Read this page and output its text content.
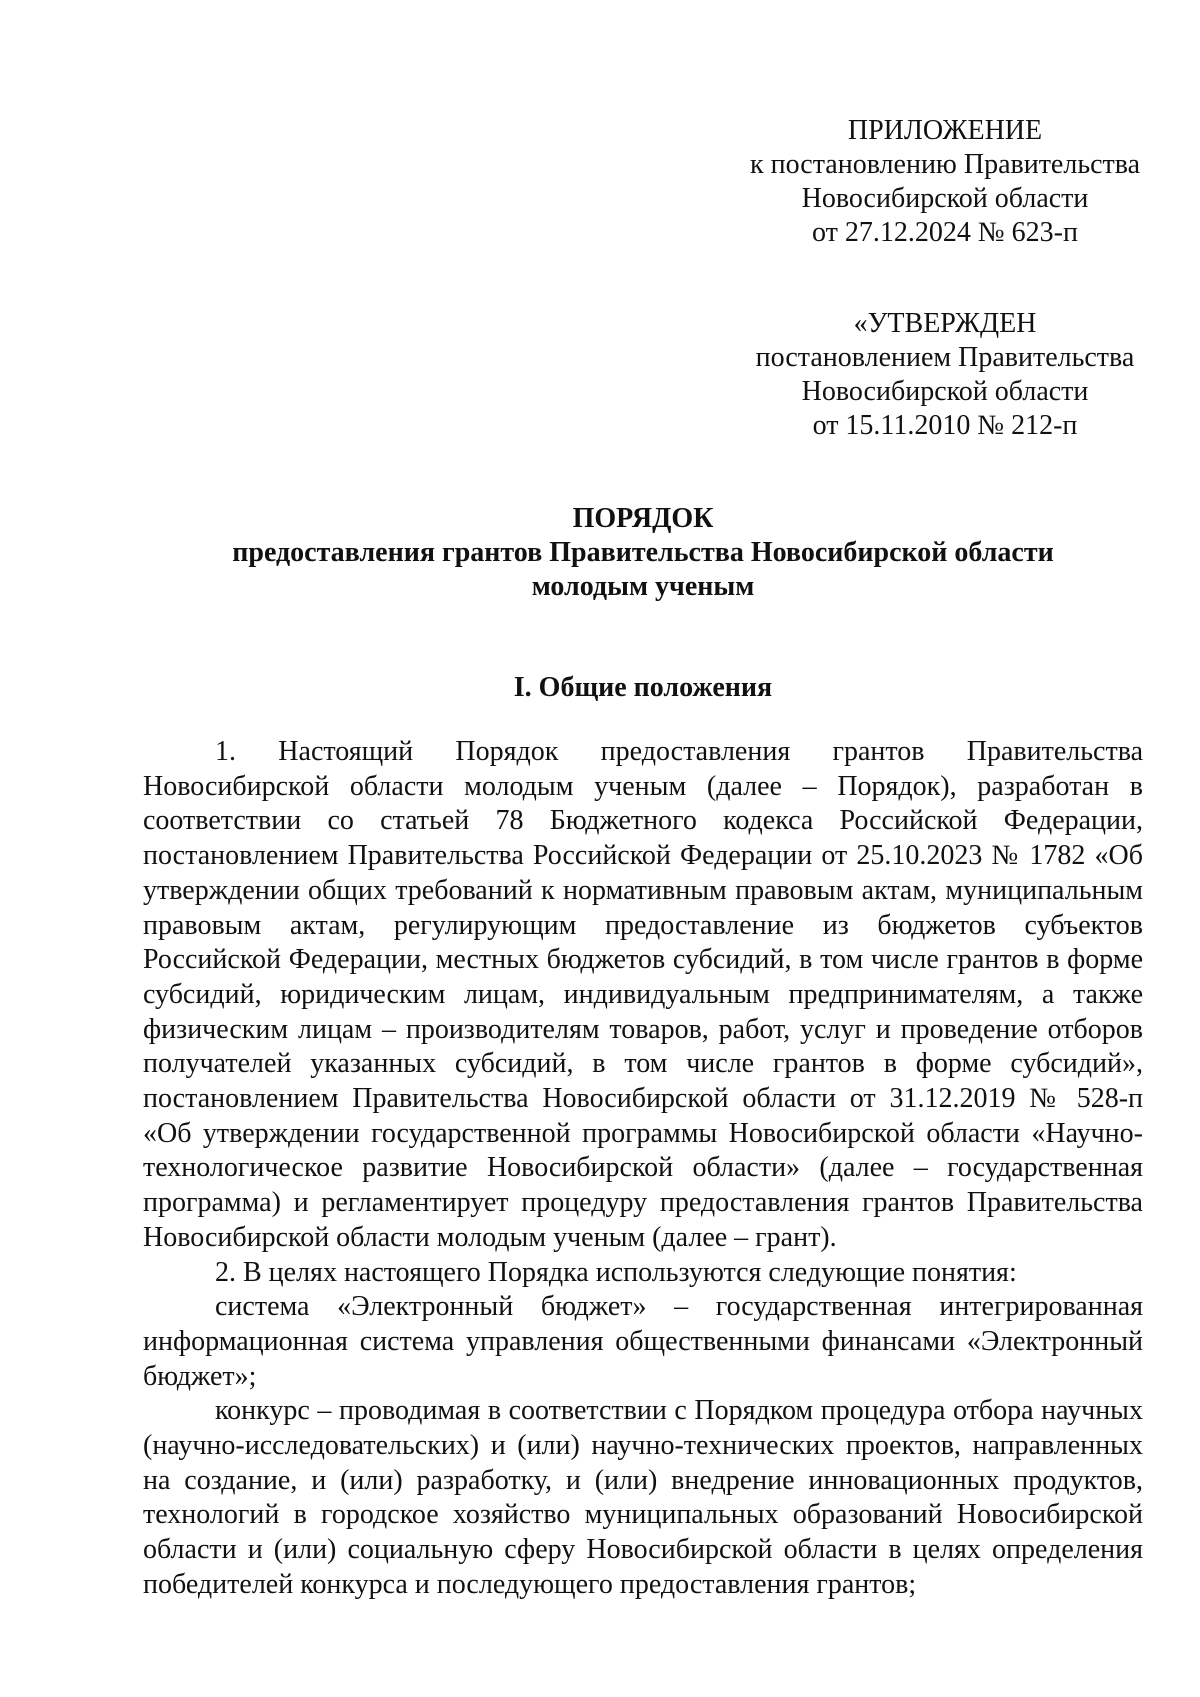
ПРИЛОЖЕНИЕ
к постановлению Правительства
Новосибирской области
от 27.12.2024 № 623-п
«УТВЕРЖДЕН
постановлением Правительства
Новосибирской области
от 15.11.2010 № 212-п
ПОРЯДОК
предоставления грантов Правительства Новосибирской области
молодым ученым
I. Общие положения

1. Настоящий Порядок предоставления грантов Правительства Новосибирской области молодым ученым (далее – Порядок), разработан в соответствии со статьей 78 Бюджетного кодекса Российской Федерации, постановлением Правительства Российской Федерации от 25.10.2023 № 1782 «Об утверждении общих требований к нормативным правовым актам, муниципальным правовым актам, регулирующим предоставление из бюджетов субъектов Российской Федерации, местных бюджетов субсидий, в том числе грантов в форме субсидий, юридическим лицам, индивидуальным предпринимателям, а также физическим лицам – производителям товаров, работ, услуг и проведение отборов получателей указанных субсидий, в том числе грантов в форме субсидий», постановлением Правительства Новосибирской области от 31.12.2019 № 528-п «Об утверждении государственной программы Новосибирской области «Научно-технологическое развитие Новосибирской области» (далее – государственная программа) и регламентирует процедуру предоставления грантов Правительства Новосибирской области молодым ученым (далее – грант).

2. В целях настоящего Порядка используются следующие понятия:

система «Электронный бюджет» – государственная интегрированная информационная система управления общественными финансами «Электронный бюджет»;

конкурс – проводимая в соответствии с Порядком процедура отбора научных (научно-исследовательских) и (или) научно-технических проектов, направленных на создание, и (или) разработку, и (или) внедрение инновационных продуктов, технологий в городское хозяйство муниципальных образований Новосибирской области и (или) социальную сферу Новосибирской области в целях определения победителей конкурса и последующего предоставления грантов;
